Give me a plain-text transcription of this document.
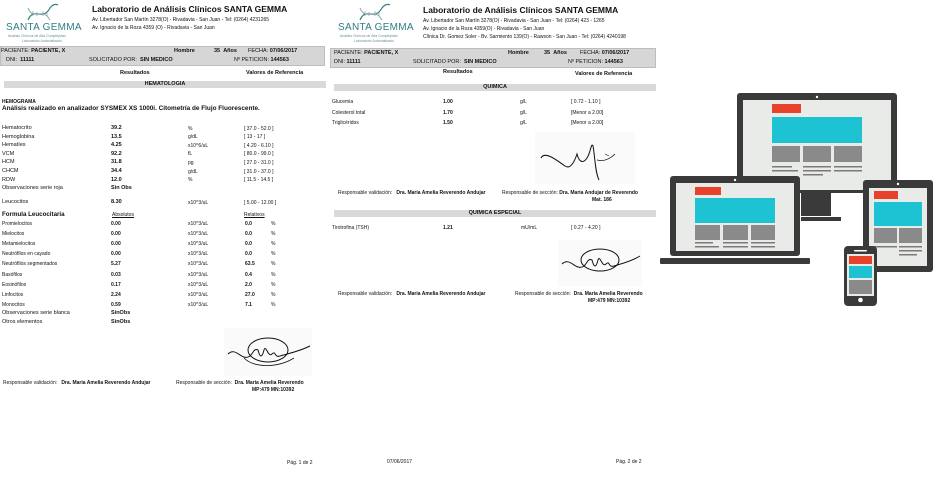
SANTA GEMMA
Análisis Clínicos de Alta Complejidad
Laboratorio Automatizado
Laboratorio de Análisis Clínicos SANTA GEMMA
Av. Libertador San Martín 3278(O) - Rivadavia - San Juan - Tel: (0264) 4231265
Av. Ignacio de la Roza 4359 (O) - Rivadavia - San Juan
PACIENTE: PACIENTE, X	Hombre	35 Años FECHA: 07/06/2017
DNI: 11111	SOLICITADO POR: SIN MEDICO	Nº PETICION: 144563
Resultados	Valores de Referencia
HEMATOLOGIA
HEMOGRAMA
Análisis realizado en analizador SYSMEX XS 1000i. Citometría de Flujo Fluorescente.
Hematocrito	39.2	%	[ 37.0 - 52.0 ]
Hemoglobina	13.5	g/dL	[ 13 - 17 ]
Hematíes	4.25	x10^6/uL	[ 4.20 - 6.10 ]
VCM	92.2	fL	[ 80.0 - 99.0 ]
HCM	31.8	pg	[ 27.0 - 31.0 ]
CHCM	34.4	g/dL	[ 31.0 - 37.0 ]
RDW	12.0	%	[ 11.5 - 14.5 ]
Observaciones serie roja	Sin Obs
Leucocitos	8.30	x10^3/uL	[ 5.00 - 12.00 ]
Formula Leucocitaria	Absolutos	Relativos
Promielocitos	0.00	x10^3/uL	0.0	%
Mielocitos	0.00	x10^3/uL	0.0	%
Metamielocitos	0.00	x10^3/uL	0.0	%
Neutrófilos en cayado	0.00	x10^3/uL	0.0	%
Neutrófilos segmentados	5.27	x10^3/uL	63.5	%
Basófilos	0.03	x10^3/uL	0.4	%
Eosinófilos	0.17	x10^3/uL	2.0	%
Linfocitos	2.24	x10^3/uL	27.0	%
Monocitos	0.59	x10^3/uL	7.1	%
Observaciones serie blanca	SinObs
Otros elementos	SinObs
Responsable validación: Dra. Maria Amelia Reverendo Andujar	Responsable de sección: Dra. Maria Amelia Reverendo
MP:479 MN:10392
Pág. 1 de 2
SANTA GEMMA
Análisis Clínicos de Alta Complejidad
Laboratorio Automatizado
Laboratorio de Análisis Clínicos SANTA GEMMA
Av. Libertador San Martín 3278(O) - Rivadavia - San Juan - Tel: (0264) 423 - 1265
Av. Ignacio de la Roza 4359(O) - Rivadavia - San Juan
Clínica Dr. Gomez Soler - Bv. Sarmiento 139(O) - Rawson - San Juan - Tel: (0264) 4240198
PACIENTE: PACIENTE, X	Hombre	35 Años FECHA: 07/06/2017
DNI: 11111	SOLICITADO POR: SIN MEDICO	Nº PETICION: 144563
Resultados	Valores de Referencia
QUIMICA
Glucemia	1.00	g/L	[ 0.72 - 1.10 ]
Colesterol total	1.70	g/L	[Menor a 2.00]
Triglicéridos	1.50	g/L	[Menor a 2.00]
Responsable validación: Dra. Maria Amelia Reverendo Andujar	Responsable de sección: Dra. Maria Andujar de Reverendo
Mat. 186
QUIMICA ESPECIAL
Tirotrofina (TSH)	1.21	mU/mL	[ 0.27 - 4.20 ]
Responsable validación: Dra. Maria Amelia Reverendo Andujar	Responsable de sección: Dra. Maria Amelia Reverendo
MP:479 MN:10392
07/06/2017	Pág. 2 de 2
